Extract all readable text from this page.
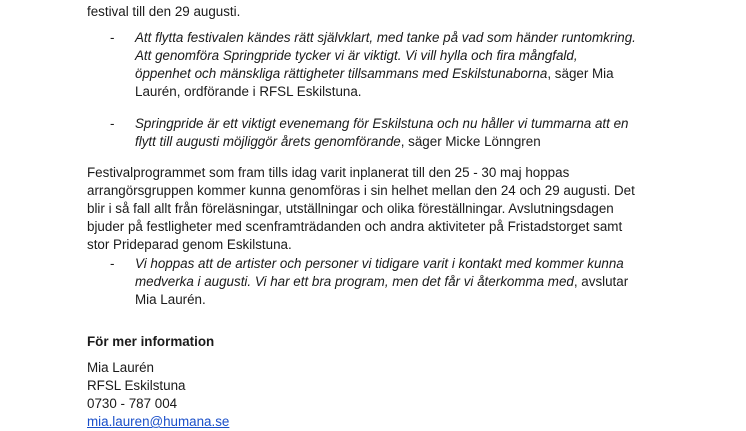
festival till den 29 augusti.
- Att flytta festivalen kändes rätt självklart, med tanke på vad som händer runtomkring.
Att genomföra Springpride tycker vi är viktigt. Vi vill hylla och fira mångfald,
öppenhet och mänskliga rättigheter tillsammans med Eskilstunaborna, säger Mia
Laurén, ordförande i RFSL Eskilstuna.
- Springpride är ett viktigt evenemang för Eskilstuna och nu håller vi tummarna att en
flytt till augusti möjliggör årets genomförande, säger Micke Lönngren
Festivalprogrammet som fram tills idag varit inplanerat till den 25 - 30 maj hoppas
arrangörsgruppen kommer kunna genomföras i sin helhet mellan den 24 och 29 augusti. Det
blir i så fall allt från föreläsningar, utställningar och olika föreställningar. Avslutningsdagen
bjuder på festligheter med scenframträdanden och andra aktiviteter på Fristadstorget samt
stor Prideparad genom Eskilstuna.
- Vi hoppas att de artister och personer vi tidigare varit i kontakt med kommer kunna
medverka i augusti. Vi har ett bra program, men det får vi återkomma med, avslutar
Mia Laurén.
För mer information
Mia Laurén
RFSL Eskilstuna
0730 - 787 004
mia.lauren@humana.se
